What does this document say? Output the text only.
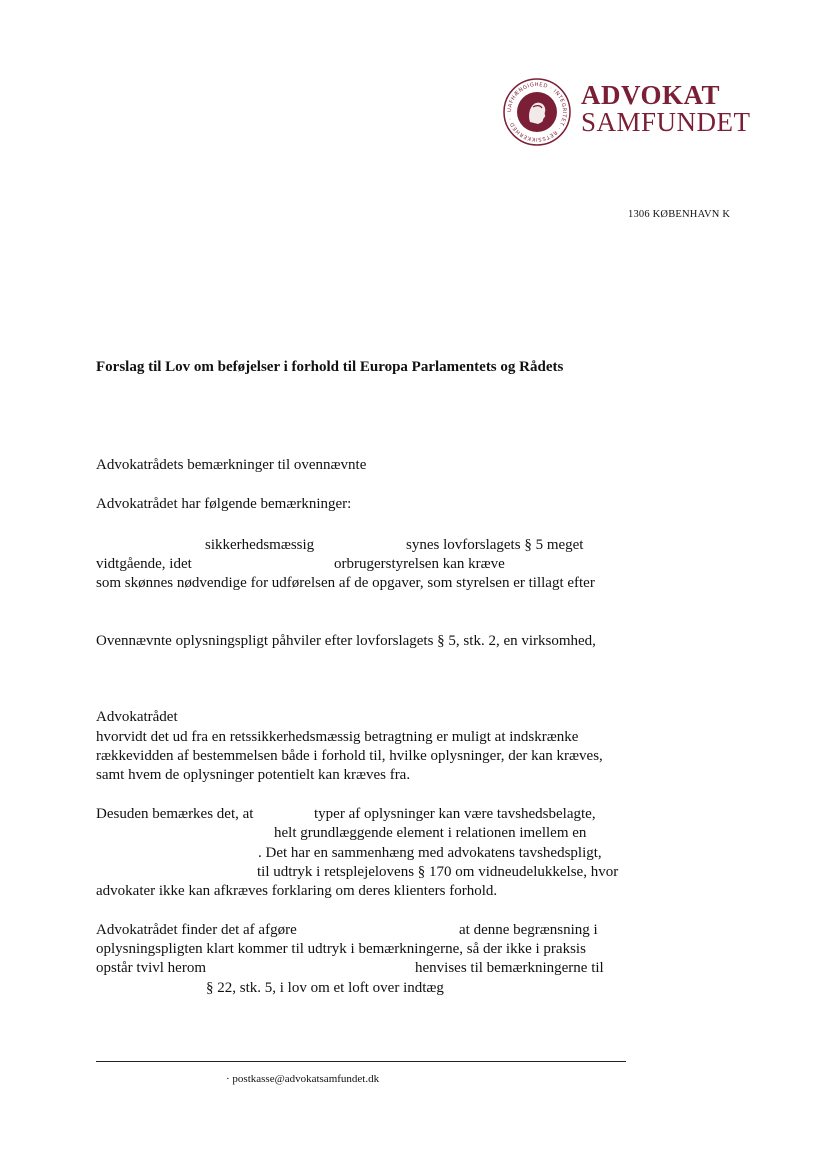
UAFHÆNGIGHED · INTEGRITET · RETSSIKKERHED ·
ADVOKAT
SAMFUNDET
1306 KØBENHAVN K
Forslag til Lov om beføjelser i forhold til Europa Parlamentets og Rådets
Advokatrådets bemærkninger til ovennævnte
Advokatrådet har følgende bemærkninger:
sikkerhedsmæssig	synes lovforslagets § 5 meget
vidtgående, idet	orbrugerstyrelsen kan kræve
som skønnes nødvendige for udførelsen af de opgaver, som styrelsen er tillagt efter
Ovennævnte oplysningspligt påhviler efter lovforslagets § 5, stk. 2, en virksomhed,
Advokatrådet
hvorvidt det ud fra en retssikkerhedsmæssig betragtning er muligt at indskrænke
rækkevidden af bestemmelsen både i forhold til, hvilke oplysninger, der kan kræves,
samt hvem de oplysninger potentielt kan kræves fra.
Desuden bemærkes det, at	typer af oplysninger kan være tavshedsbelagte,
helt grundlæggende element i relationen imellem en
. Det har en sammenhæng med advokatens tavshedspligt,
til udtryk i retsplejelovens § 170 om vidneudelukkelse, hvor
advokater ikke kan afkræves forklaring om deres klienters forhold.
Advokatrådet finder det af afgøre	at denne begrænsning i
oplysningspligten klart kommer til udtryk i bemærkningerne, så der ikke i praksis
opstår tvivl herom	henvises til bemærkningerne til
§ 22, stk. 5, i lov om et loft over indtæg
· postkasse@advokatsamfundet.dk
